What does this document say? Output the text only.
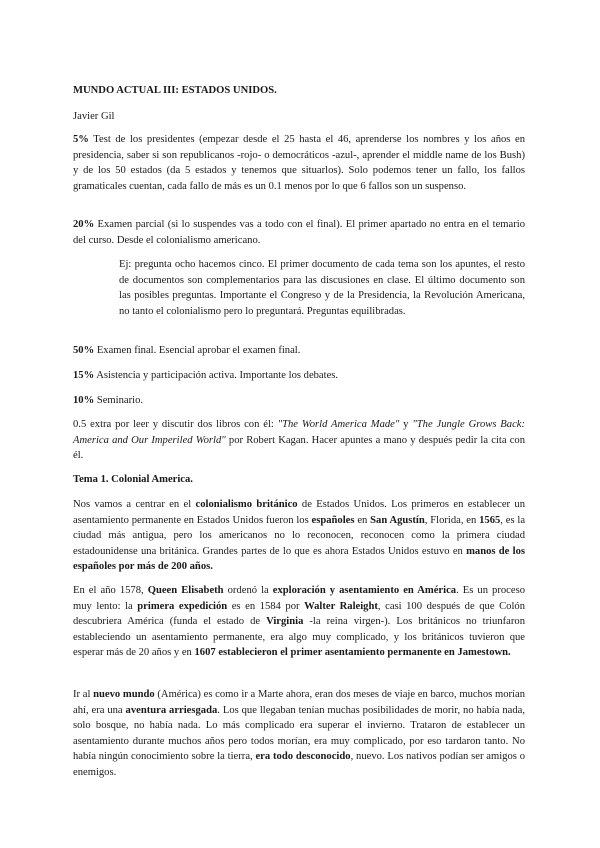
MUNDO ACTUAL III: ESTADOS UNIDOS.

Javier Gil

5% Test de los presidentes (empezar desde el 25 hasta el 46, aprenderse los nombres y los años en presidencia, saber si son republicanos -rojo- o democráticos -azul-, aprender el middle name de los Bush) y de los 50 estados (da 5 estados y tenemos que situarlos). Solo podemos tener un fallo, los fallos gramaticales cuentan, cada fallo de más es un 0.1 menos por lo que 6 fallos son un suspenso.

20% Examen parcial (si lo suspendes vas a todo con el final). El primer apartado no entra en el temario del curso. Desde el colonialismo americano.

Ej: pregunta ocho hacemos cinco. El primer documento de cada tema son los apuntes, el resto de documentos son complementarios para las discusiones en clase. El último documento son las posibles preguntas. Importante el Congreso y de la Presidencia, la Revolución Americana, no tanto el colonialismo pero lo preguntará. Preguntas equilibradas.

50% Examen final. Esencial aprobar el examen final.

15% Asistencia y participación activa. Importante los debates.

10% Seminario.

0.5 extra por leer y discutir dos libros con él: "The World America Made" y "The Jungle Grows Back: America and Our Imperiled World" por Robert Kagan. Hacer apuntes a mano y después pedir la cita con él.

Tema 1. Colonial America.

Nos vamos a centrar en el colonialismo británico de Estados Unidos. Los primeros en establecer un asentamiento permanente en Estados Unidos fueron los españoles en San Agustín, Florida, en 1565, es la ciudad más antigua, pero los americanos no lo reconocen, reconocen como la primera ciudad estadounidense una británica. Grandes partes de lo que es ahora Estados Unidos estuvo en manos de los españoles por más de 200 años.

En el año 1578, Queen Elisabeth ordenó la exploración y asentamiento en América. Es un proceso muy lento: la primera expedición es en 1584 por Walter Raleight, casi 100 después de que Colón descubriera América (funda el estado de Virginia -la reina virgen-). Los británicos no triunfaron estableciendo un asentamiento permanente, era algo muy complicado, y los británicos tuvieron que esperar más de 20 años y en 1607 establecieron el primer asentamiento permanente en Jamestown.

Ir al nuevo mundo (América) es como ir a Marte ahora, eran dos meses de viaje en barco, muchos morían ahí, era una aventura arriesgada. Los que llegaban tenían muchas posibilidades de morir, no había nada, solo bosque, no había nada. Lo más complicado era superar el invierno. Trataron de establecer un asentamiento durante muchos años pero todos morían, era muy complicado, por eso tardaron tanto. No había ningún conocimiento sobre la tierra, era todo desconocido, nuevo. Los nativos podían ser amigos o enemigos.
